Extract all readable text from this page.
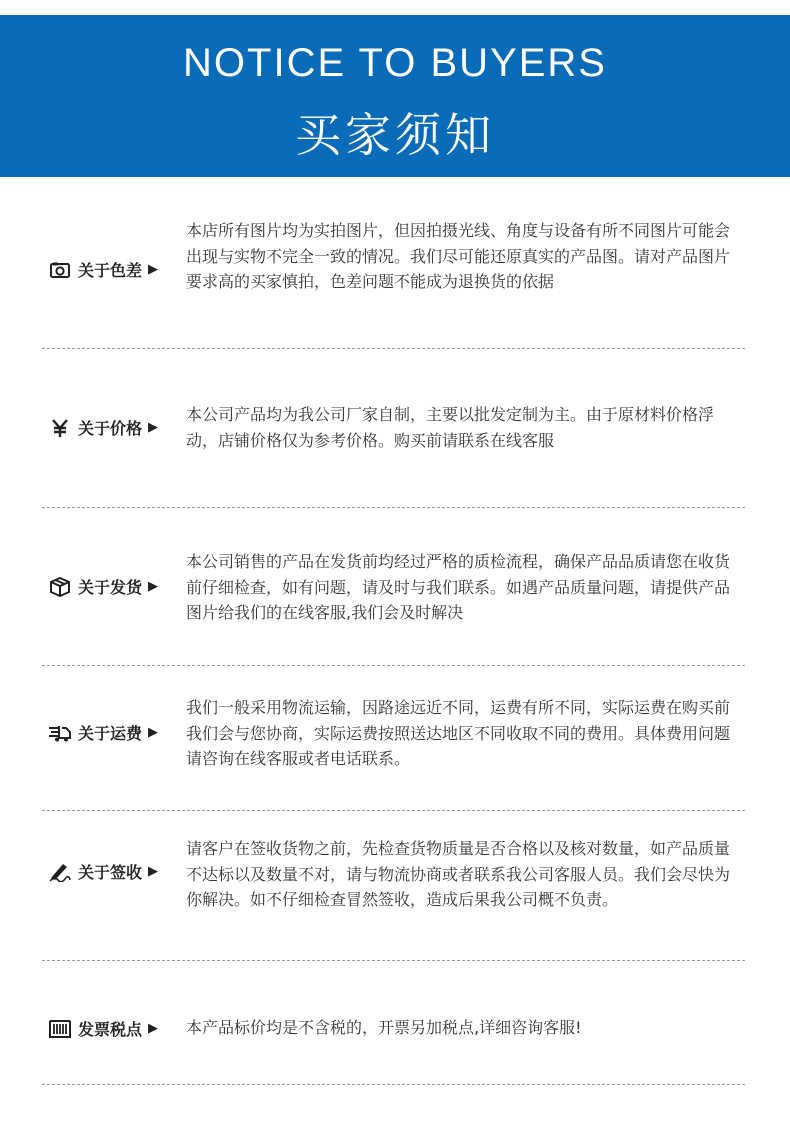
NOTICE TO BUYERS
买家须知
关于色差 ▶
本店所有图片均为实拍图片，但因拍摄光线、角度与设备有所不同图片可能会出现与实物不完全一致的情况。我们尽可能还原真实的产品图。请对产品图片要求高的买家慎拍，色差问题不能成为退换货的依据
关于价格 ▶
本公司产品均为我公司厂家自制，主要以批发定制为主。由于原材料价格浮动，店铺价格仅为参考价格。购买前请联系在线客服
关于发货 ▶
本公司销售的产品在发货前均经过严格的质检流程，确保产品品质请您在收货前仔细检查，如有问题，请及时与我们联系。如遇产品质量问题，请提供产品图片给我们的在线客服,我们会及时解决
关于运费 ▶
我们一般采用物流运输，因路途远近不同，运费有所不同，实际运费在购买前我们会与您协商，实际运费按照送达地区不同收取不同的费用。具体费用问题请咨询在线客服或者电话联系。
关于签收 ▶
请客户在签收货物之前，先检查货物质量是否合格以及核对数量，如产品质量不达标以及数量不对，请与物流协商或者联系我公司客服人员。我们会尽快为你解决。如不仔细检查冒然签收，造成后果我公司概不负责。
发票税点 ▶ 本产品标价均是不含税的，开票另加税点,详细咨询客服!
